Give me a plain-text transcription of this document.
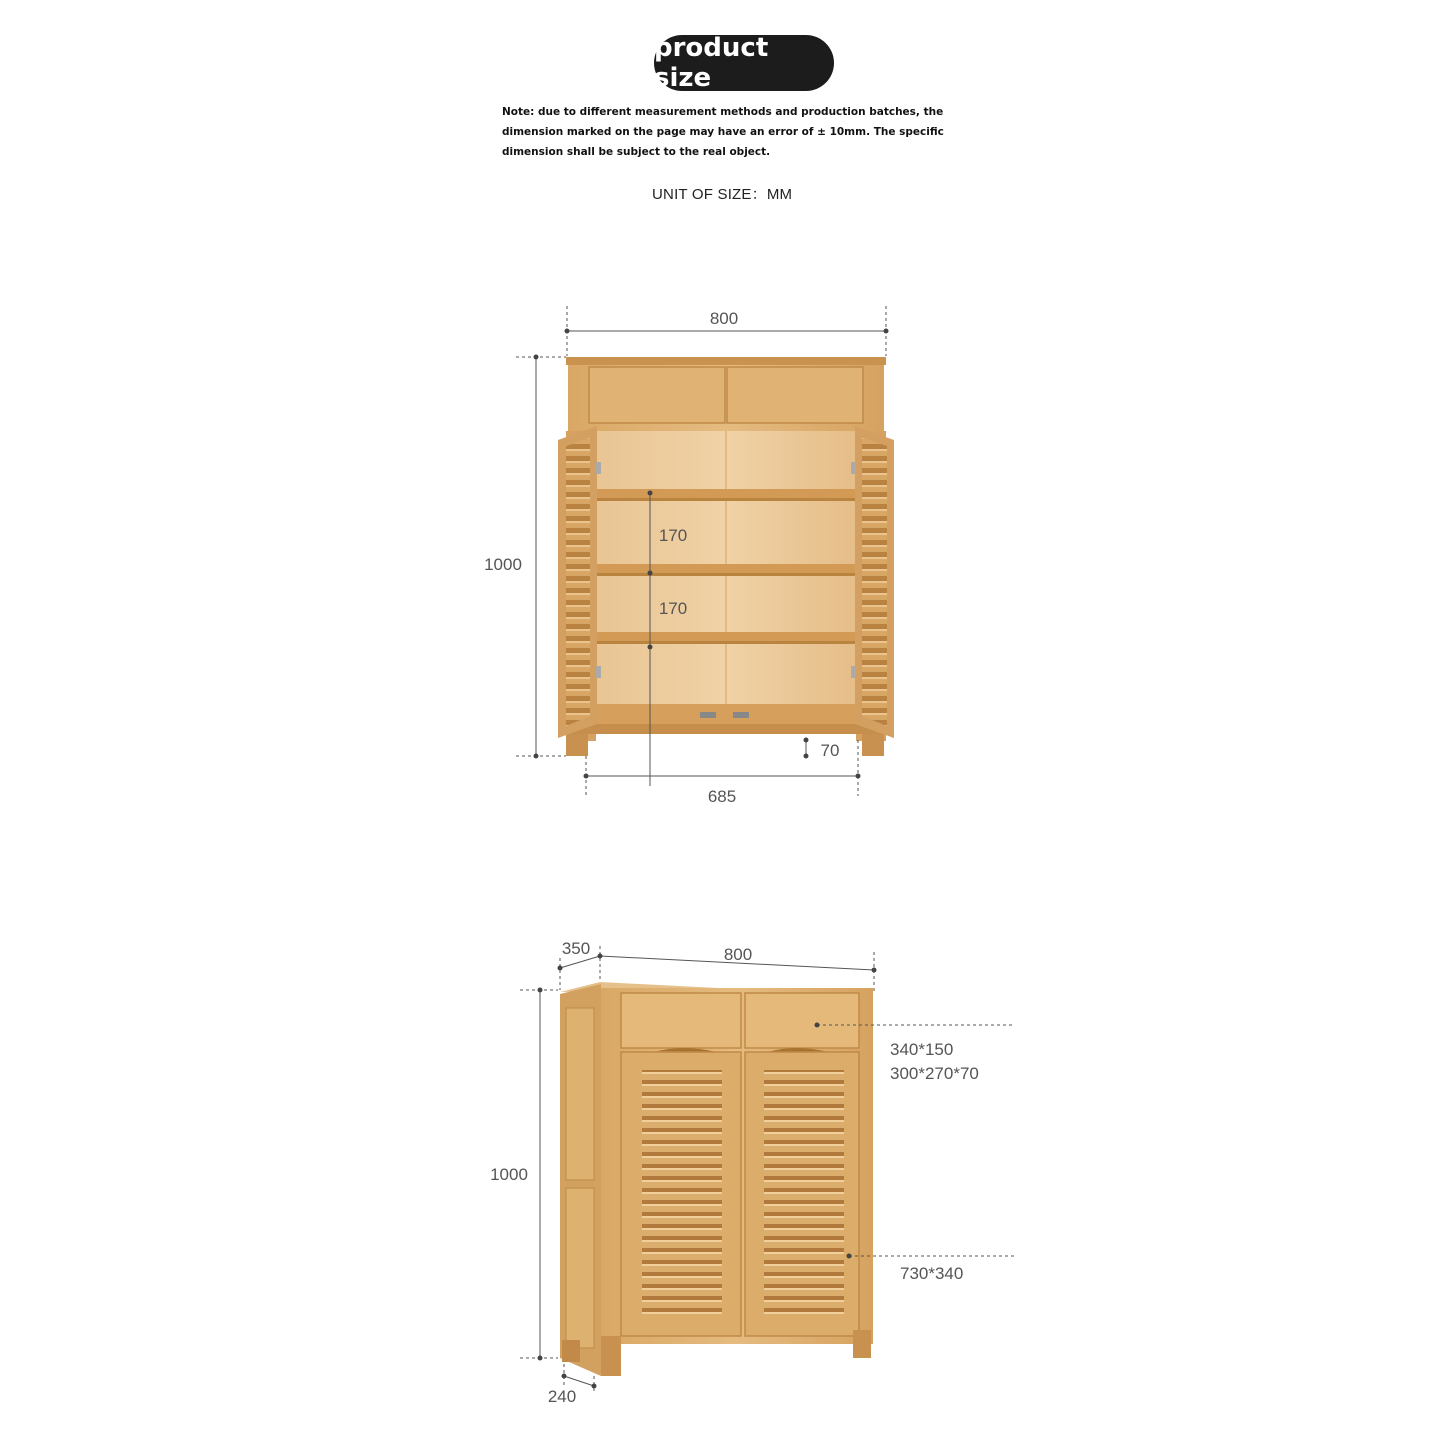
product size
Note: due to different measurement methods and production batches, the dimension marked on the page may have an error of ± 10mm. The specific dimension shall be subject to the real object.
UNIT OF SIZE：MM
800
1000
170
170
70
685
350	800
1000
340*150
300*270*70
730*340
240
